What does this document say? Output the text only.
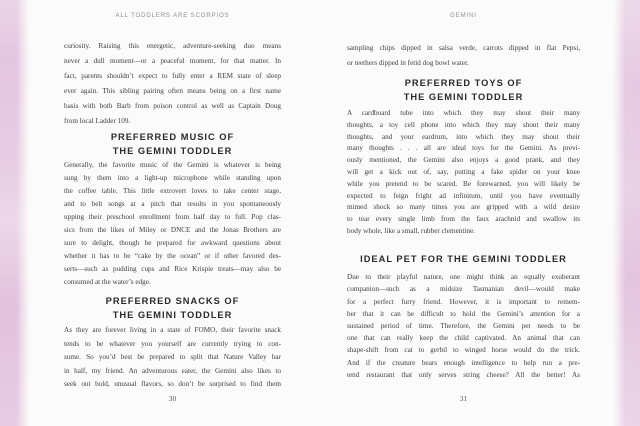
ALL TODDLERS ARE SCORPIOS
curiosity. Raising this energetic, adventure-seeking duo means
never a dull moment—or a peaceful moment, for that matter. In
fact, parents shouldn’t expect to fully enter a REM state of sleep
ever again. This sibling pairing often means being on a first name
basis with both Barb from poison control as well as Captain Doug
from local Ladder 109.
PREFERRED MUSIC OF
THE GEMINI TODDLER
Generally, the favorite music of the Gemini is whatever is being
sung by them into a light-up microphone while standing upon
the coffee table. This little extrovert loves to take center stage,
and to belt songs at a pitch that results in you spontaneously
upping their preschool enrollment from half day to full. Pop clas-
sics from the likes of Miley or DNCE and the Jonas Brothers are
sure to delight, though be prepared for awkward questions about
whether it has to be “cake by the ocean” or if other favored des-
serts—such as pudding cups and Rice Krispie treats—may also be
consumed at the water’s edge.
PREFERRED SNACKS OF
THE GEMINI TODDLER
As they are forever living in a state of FOMO, their favorite snack
tends to be whatever you yourself are currently trying to con-
sume. So you’d best be prepared to split that Nature Valley bar
in half, my friend. An adventurous eater, the Gemini also likes to
seek out bold, unusual flavors, so don’t be surprised to find them
30
GEMINI
sampling chips dipped in salsa verde, carrots dipped in flat Pepsi,
or teethers dipped in fetid dog bowl water.
PREFERRED TOYS OF
THE GEMINI TODDLER
A cardboard tube into which they may shout their many
thoughts, a toy cell phone into which they may shout their many
thoughts, and your eardrum, into which they may shout their
many thoughts . . . all are ideal toys for the Gemini. As previ-
ously mentioned, the Gemini also enjoys a good prank, and they
will get a kick out of, say, putting a fake spider on your knee
while you pretend to be scared. Be forewarned, you will likely be
expected to feign fright ad infinitum, until you have eventually
mimed shock so many times you are gripped with a wild desire
to tear every single limb from the faux arachnid and swallow its
body whole, like a small, rubber clementine.
IDEAL PET FOR THE GEMINI TODDLER
Due to their playful nature, one might think an equally exuberant
companion—such as a midsize Tasmanian devil—would make
for a perfect furry friend. However, it is important to remem-
ber that it can be difficult to hold the Gemini’s attention for a
sustained period of time. Therefore, the Gemini pet needs to be
one that can really keep the child captivated. An animal that can
shape-shift from cat to gerbil to winged horse would do the trick.
And if the creature bears enough intelligence to help run a pre-
tend restaurant that only serves string cheese? All the better! As
31
